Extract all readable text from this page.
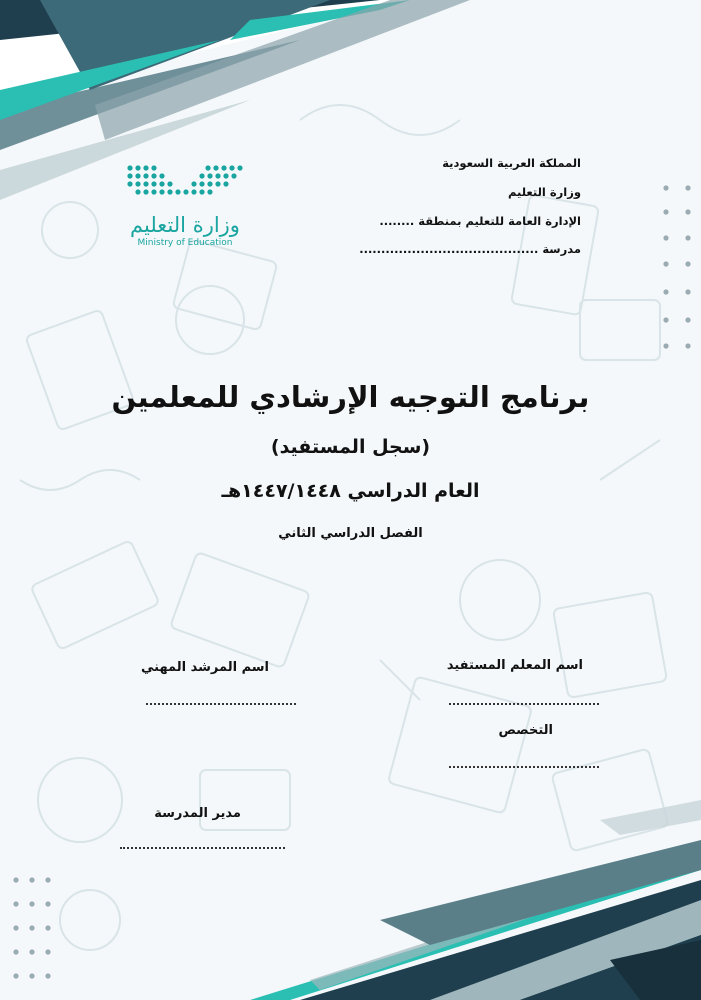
وزارة التعليم
Ministry of Education
المملكة العربية السعودية
وزارة التعليم
الإدارة العامة للتعليم بمنطقة ........
مدرسة .........................................
برنامج التوجيه الإرشادي للمعلمين
(سجل المستفيد)
العام الدراسي ١٤٤٧/١٤٤٨هـ
الفصل الدراسي الثاني
اسم المعلم المستفيد
التخصص
اسم المرشد المهني
مدير المدرسة
